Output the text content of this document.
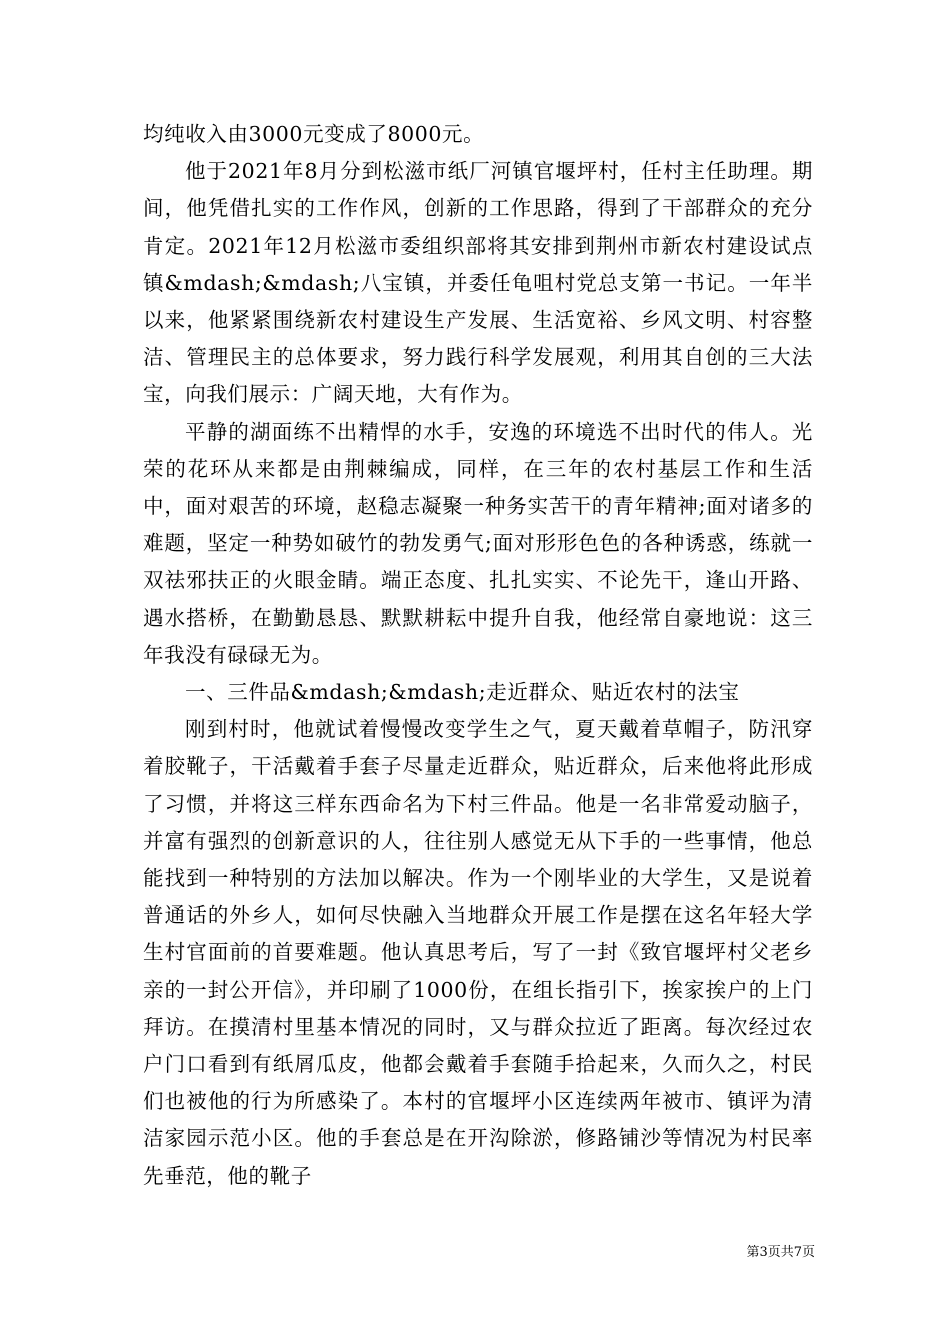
均纯收入由3000元变成了8000元。

他于2021年8月分到松滋市纸厂河镇官堰坪村，任村主任助理。期间，他凭借扎实的工作作风，创新的工作思路，得到了干部群众的充分肯定。2021年12月松滋市委组织部将其安排到荆州市新农村建设试点镇&mdash;&mdash;八宝镇，并委任龟咀村党总支第一书记。一年半以来，他紧紧围绕新农村建设生产发展、生活宽裕、乡风文明、村容整洁、管理民主的总体要求，努力践行科学发展观，利用其自创的三大法宝，向我们展示：广阔天地，大有作为。

平静的湖面练不出精悍的水手，安逸的环境选不出时代的伟人。光荣的花环从来都是由荆棘编成，同样，在三年的农村基层工作和生活中，面对艰苦的环境，赵稳志凝聚一种务实苦干的青年精神;面对诸多的难题，坚定一种势如破竹的勃发勇气;面对形形色色的各种诱惑，练就一双祛邪扶正的火眼金睛。端正态度、扎扎实实、不论先干，逢山开路、遇水搭桥，在勤勤恳恳、默默耕耘中提升自我，他经常自豪地说：这三年我没有碌碌无为。

一、三件品&mdash;&mdash;走近群众、贴近农村的法宝

刚到村时，他就试着慢慢改变学生之气，夏天戴着草帽子，防汛穿着胶靴子，干活戴着手套子尽量走近群众，贴近群众，后来他将此形成了习惯，并将这三样东西命名为下村三件品。他是一名非常爱动脑子，并富有强烈的创新意识的人，往往别人感觉无从下手的一些事情，他总能找到一种特别的方法加以解决。作为一个刚毕业的大学生，又是说着普通话的外乡人，如何尽快融入当地群众开展工作是摆在这名年轻大学生村官面前的首要难题。他认真思考后，写了一封《致官堰坪村父老乡亲的一封公开信》，并印刷了1000份，在组长指引下，挨家挨户的上门拜访。在摸清村里基本情况的同时，又与群众拉近了距离。每次经过农户门口看到有纸屑瓜皮，他都会戴着手套随手拾起来，久而久之，村民们也被他的行为所感染了。本村的官堰坪小区连续两年被市、镇评为清洁家园示范小区。他的手套总是在开沟除淤，修路铺沙等情况为村民率先垂范，他的靴子

第3页共7页
